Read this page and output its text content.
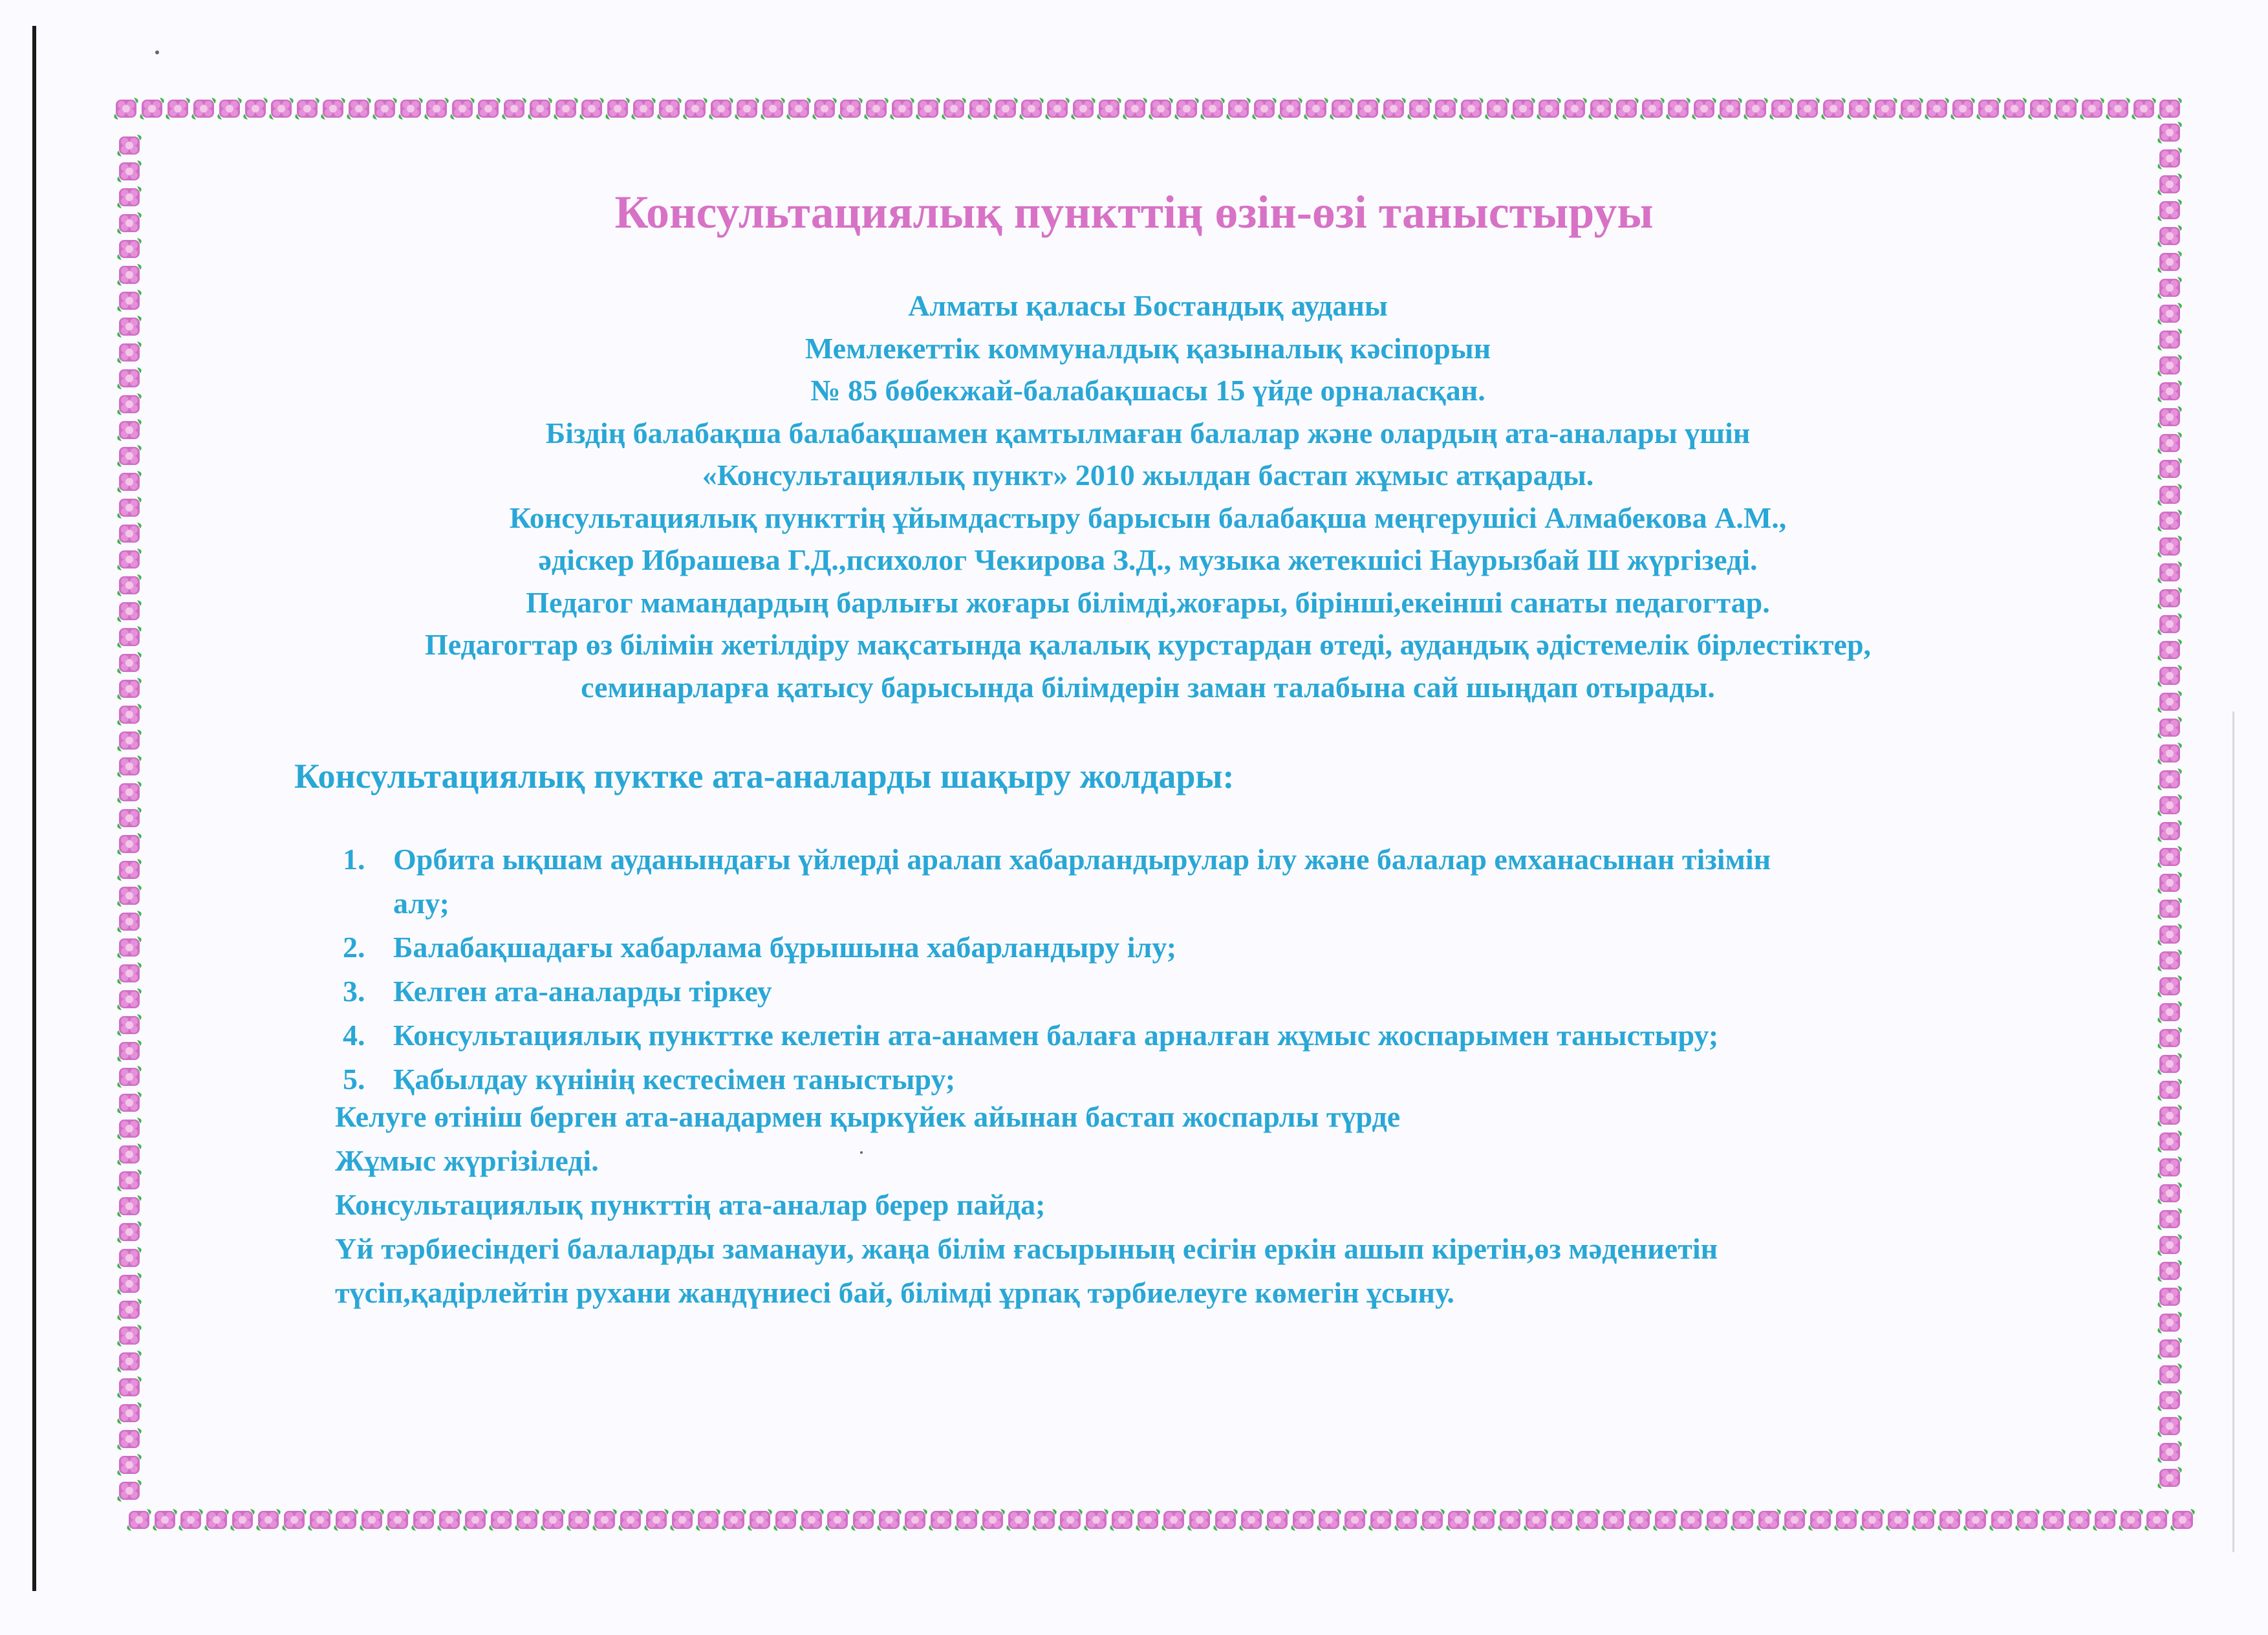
Консультациялық пункттің өзін-өзі таныстыруы
Алматы қаласы Бостандық ауданы
Мемлекеттік коммуналдық қазыналық кәсіпорын
№ 85 бөбекжай-балабақшасы 15 үйде орналасқан.
Біздің балабақша балабақшамен қамтылмаған балалар және олардың ата-аналары үшін
«Консультациялық пункт» 2010 жылдан бастап жұмыс атқарады.
Консультациялық пункттің ұйымдастыру барысын балабақша меңгерушісі Алмабекова А.М.,
әдіскер Ибрашева Г.Д.,психолог Чекирова З.Д., музыка жетекшісі Наурызбай Ш жүргізеді.
Педагог мамандардың барлығы жоғары білімді,жоғары, бірінші,екеінші санаты педагогтар.
Педагогтар өз білімін жетілдіру мақсатында қалалық курстардан өтеді, аудандық әдістемелік бірлестіктер,
семинарларға қатысу барысында білімдерін заман талабына сай шыңдап отырады.
Консультациялық пуктке ата-аналарды шақыру жолдары:
1. Орбита ықшам ауданындағы үйлерді аралап хабарландырулар ілу және балалар емханасынан тізімін
алу;
2. Балабақшадағы хабарлама бұрышына хабарландыру ілу;
3. Келген ата-аналарды тіркеу
4. Консультациялық пункттке келетін ата-анамен балаға арналған жұмыс жоспарымен таныстыру;
5. Қабылдау күнінің кестесімен таныстыру;
Келуге өтініш берген ата-анадармен қыркүйек айынан бастап жоспарлы түрде
Жұмыс жүргізіледі.
Консультациялық пункттің ата-аналар берер пайда;
Үй тәрбиесіндегі балаларды заманауи, жаңа білім ғасырының есігін еркін ашып кіретін,өз мәдениетін
түсіп,қадірлейтін рухани жандүниесі бай, білімді ұрпақ тәрбиелеуге көмегін ұсыну.
